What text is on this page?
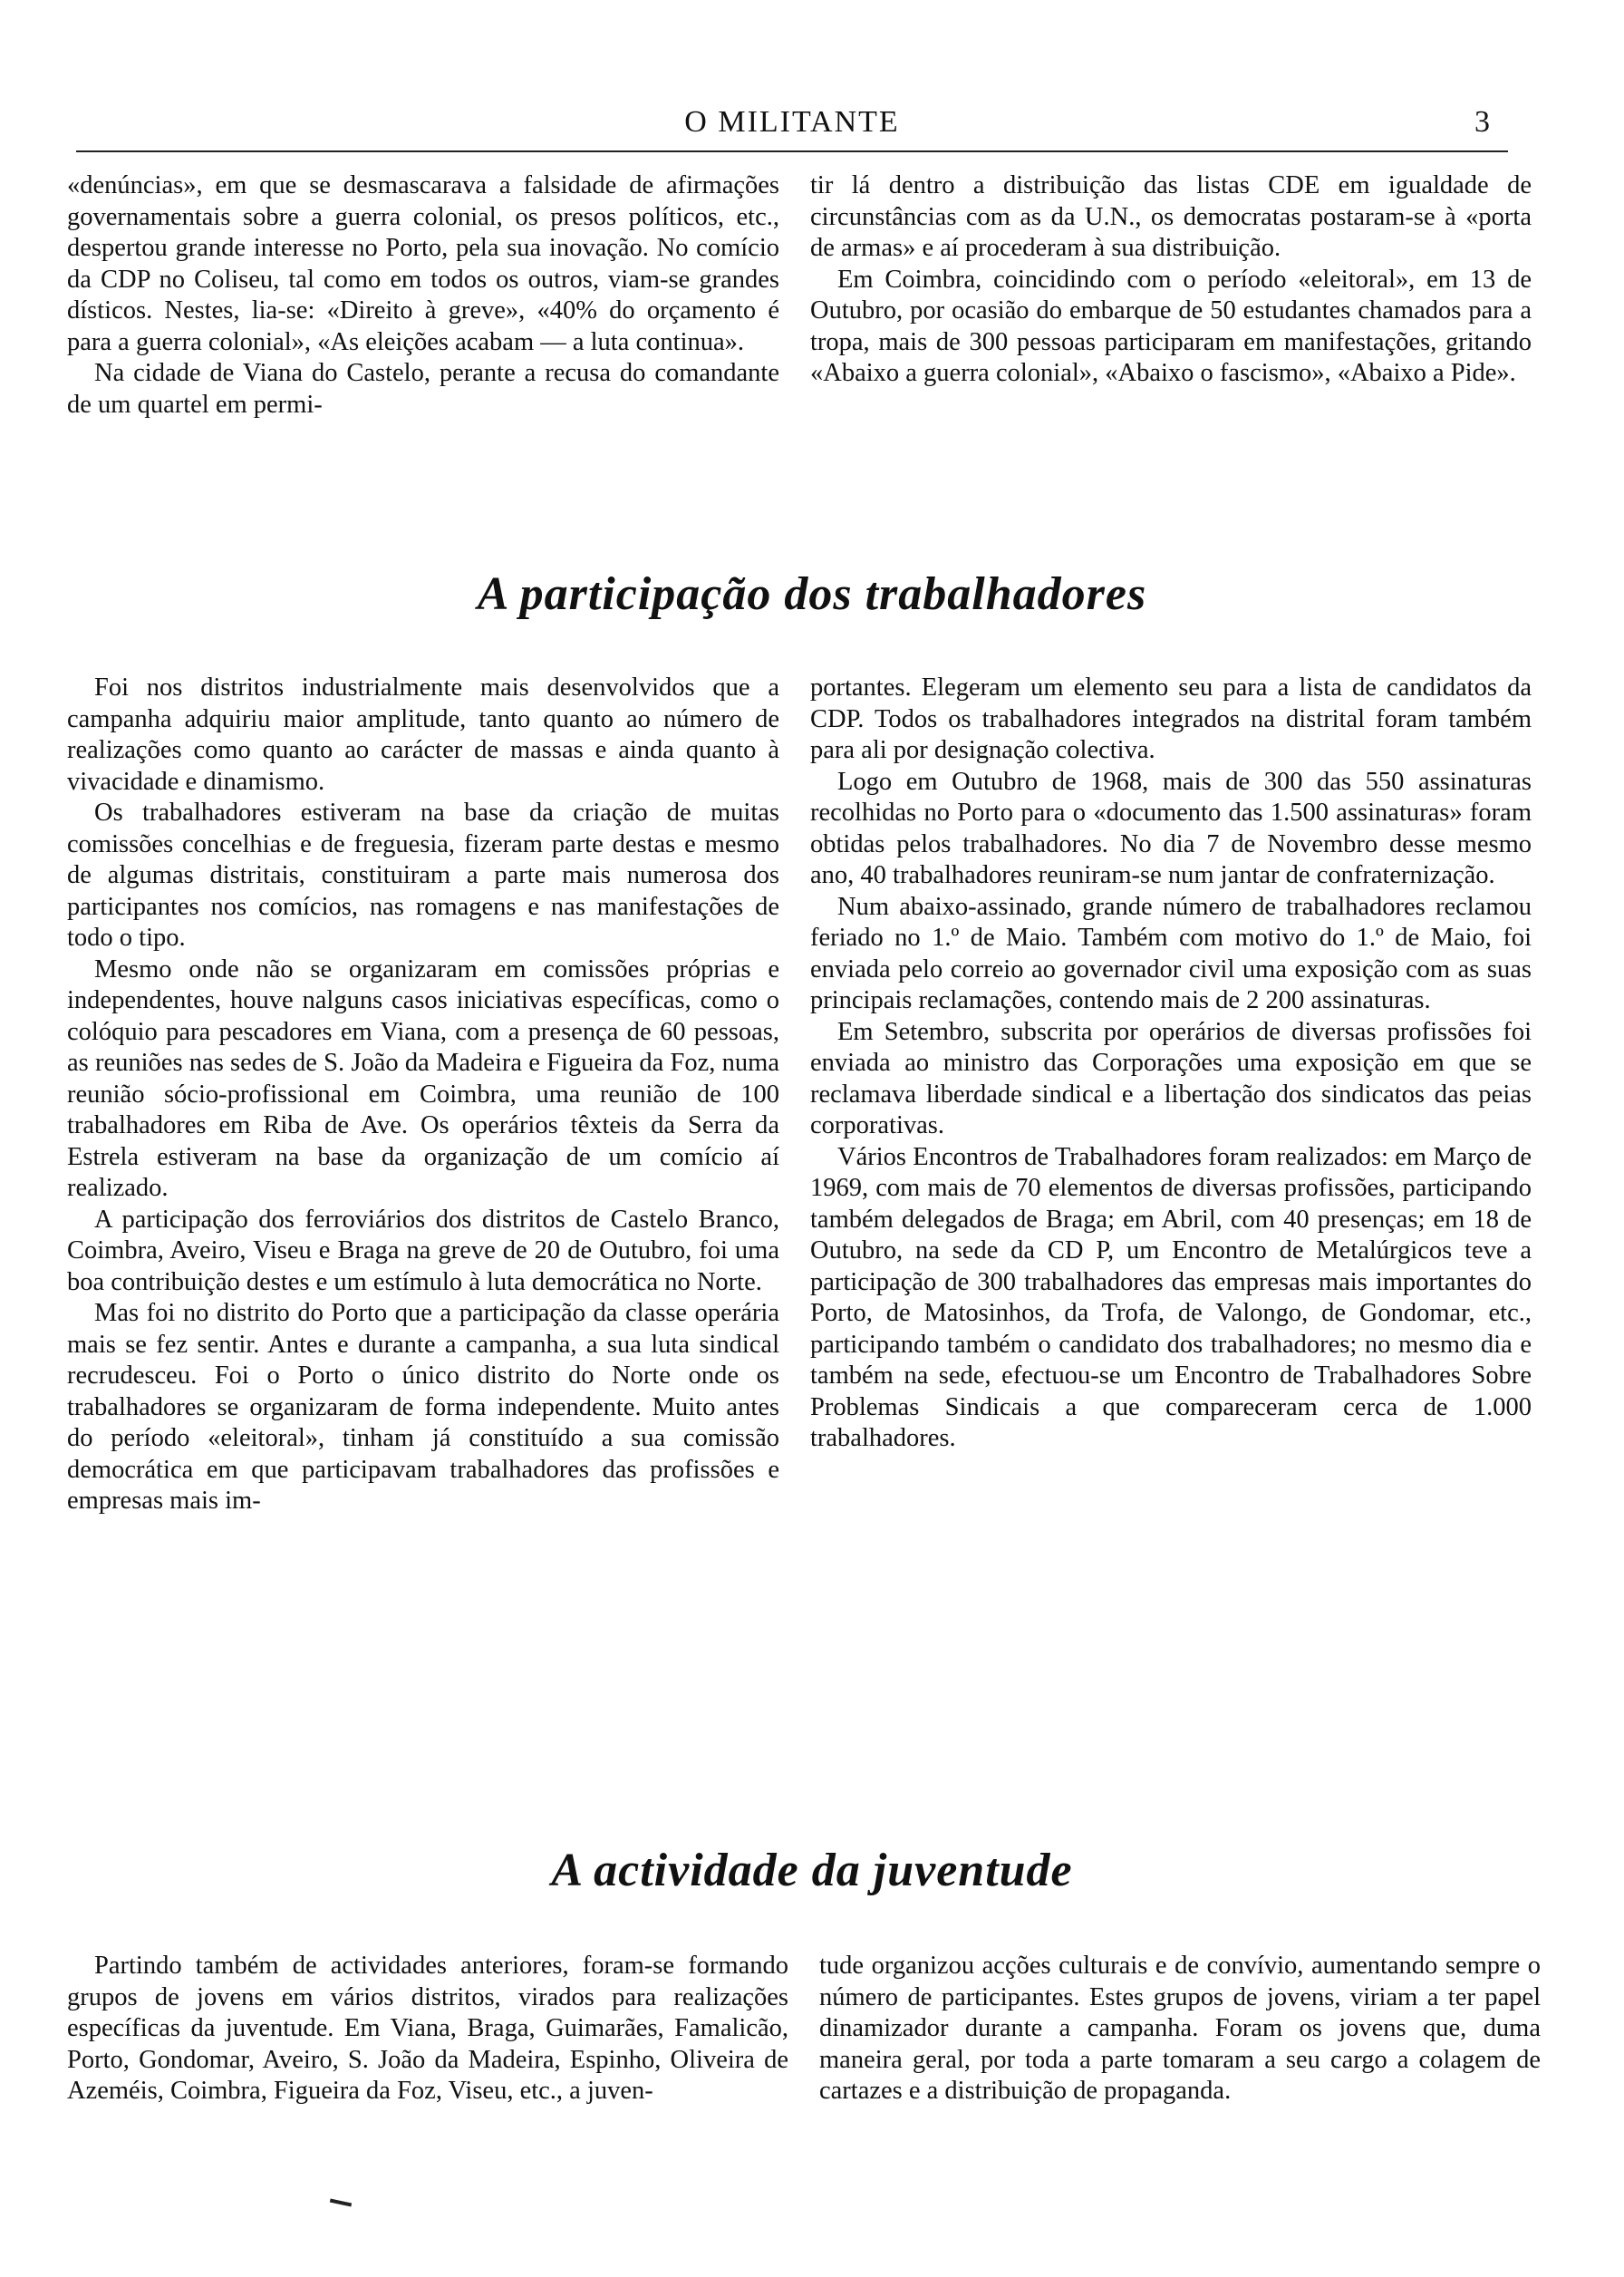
O MILITANTE	3

«denúncias», em que se desmascarava a falsidade de afirmações governamentais sobre a guerra colonial, os presos políticos, etc., despertou grande interesse no Porto, pela sua inovação. No comício da CDP no Coliseu, tal como em todos os outros, viam-se grandes dísticos. Nestes, lia-se: «Direito à greve», «40% do orçamento é para a guerra colonial», «As eleições acabam — a luta continua».

Na cidade de Viana do Castelo, perante a recusa do comandante de um quartel em permi-

tir lá dentro a distribuição das listas CDE em igualdade de circunstâncias com as da U.N., os democratas postaram-se à «porta de armas» e aí procederam à sua distribuição.

Em Coimbra, coincidindo com o período «eleitoral», em 13 de Outubro, por ocasião do embarque de 50 estudantes chamados para a tropa, mais de 300 pessoas participaram em manifestações, gritando «Abaixo a guerra colonial», «Abaixo o fascismo», «Abaixo a Pide».

A participação dos trabalhadores

Foi nos distritos industrialmente mais desenvolvidos que a campanha adquiriu maior amplitude, tanto quanto ao número de realizações como quanto ao carácter de massas e ainda quanto à vivacidade e dinamismo.

Os trabalhadores estiveram na base da criação de muitas comissões concelhias e de freguesia, fizeram parte destas e mesmo de algumas distritais, constituiram a parte mais numerosa dos participantes nos comícios, nas romagens e nas manifestações de todo o tipo.

Mesmo onde não se organizaram em comissões próprias e independentes, houve nalguns casos iniciativas específicas, como o colóquio para pescadores em Viana, com a presença de 60 pessoas, as reuniões nas sedes de S. João da Madeira e Figueira da Foz, numa reunião sócio-profissional em Coimbra, uma reunião de 100 trabalhadores em Riba de Ave. Os operários têxteis da Serra da Estrela estiveram na base da organização de um comício aí realizado.

A participação dos ferroviários dos distritos de Castelo Branco, Coimbra, Aveiro, Viseu e Braga na greve de 20 de Outubro, foi uma boa contribuição destes e um estímulo à luta democrática no Norte.

Mas foi no distrito do Porto que a participação da classe operária mais se fez sentir. Antes e durante a campanha, a sua luta sindical recrudesceu. Foi o Porto o único distrito do Norte onde os trabalhadores se organizaram de forma independente. Muito antes do período «eleitoral», tinham já constituído a sua comissão democrática em que participavam trabalhadores das profissões e empresas mais im-

portantes. Elegeram um elemento seu para a lista de candidatos da CDP. Todos os trabalhadores integrados na distrital foram também para ali por designação colectiva.

Logo em Outubro de 1968, mais de 300 das 550 assinaturas recolhidas no Porto para o «documento das 1.500 assinaturas» foram obtidas pelos trabalhadores. No dia 7 de Novembro desse mesmo ano, 40 trabalhadores reuniram-se num jantar de confraternização.

Num abaixo-assinado, grande número de trabalhadores reclamou feriado no 1.º de Maio. Também com motivo do 1.º de Maio, foi enviada pelo correio ao governador civil uma exposição com as suas principais reclamações, contendo mais de 2 200 assinaturas.

Em Setembro, subscrita por operários de diversas profissões foi enviada ao ministro das Corporações uma exposição em que se reclamava liberdade sindical e a libertação dos sindicatos das peias corporativas.

Vários Encontros de Trabalhadores foram realizados: em Março de 1969, com mais de 70 elementos de diversas profissões, participando também delegados de Braga; em Abril, com 40 presenças; em 18 de Outubro, na sede da CD P, um Encontro de Metalúrgicos teve a participação de 300 trabalhadores das empresas mais importantes do Porto, de Matosinhos, da Trofa, de Valongo, de Gondomar, etc., participando também o candidato dos trabalhadores; no mesmo dia e também na sede, efectuou-se um Encontro de Trabalhadores Sobre Problemas Sindicais a que compareceram cerca de 1.000 trabalhadores.

A actividade da juventude

Partindo também de actividades anteriores, foram-se formando grupos de jovens em vários distritos, virados para realizações específicas da juventude. Em Viana, Braga, Guimarães, Famalicão, Porto, Gondomar, Aveiro, S. João da Madeira, Espinho, Oliveira de Azeméis, Coimbra, Figueira da Foz, Viseu, etc., a juven-

tude organizou acções culturais e de convívio, aumentando sempre o número de participantes. Estes grupos de jovens, viriam a ter papel dinamizador durante a campanha. Foram os jovens que, duma maneira geral, por toda a parte tomaram a seu cargo a colagem de cartazes e a distribuição de propaganda.
